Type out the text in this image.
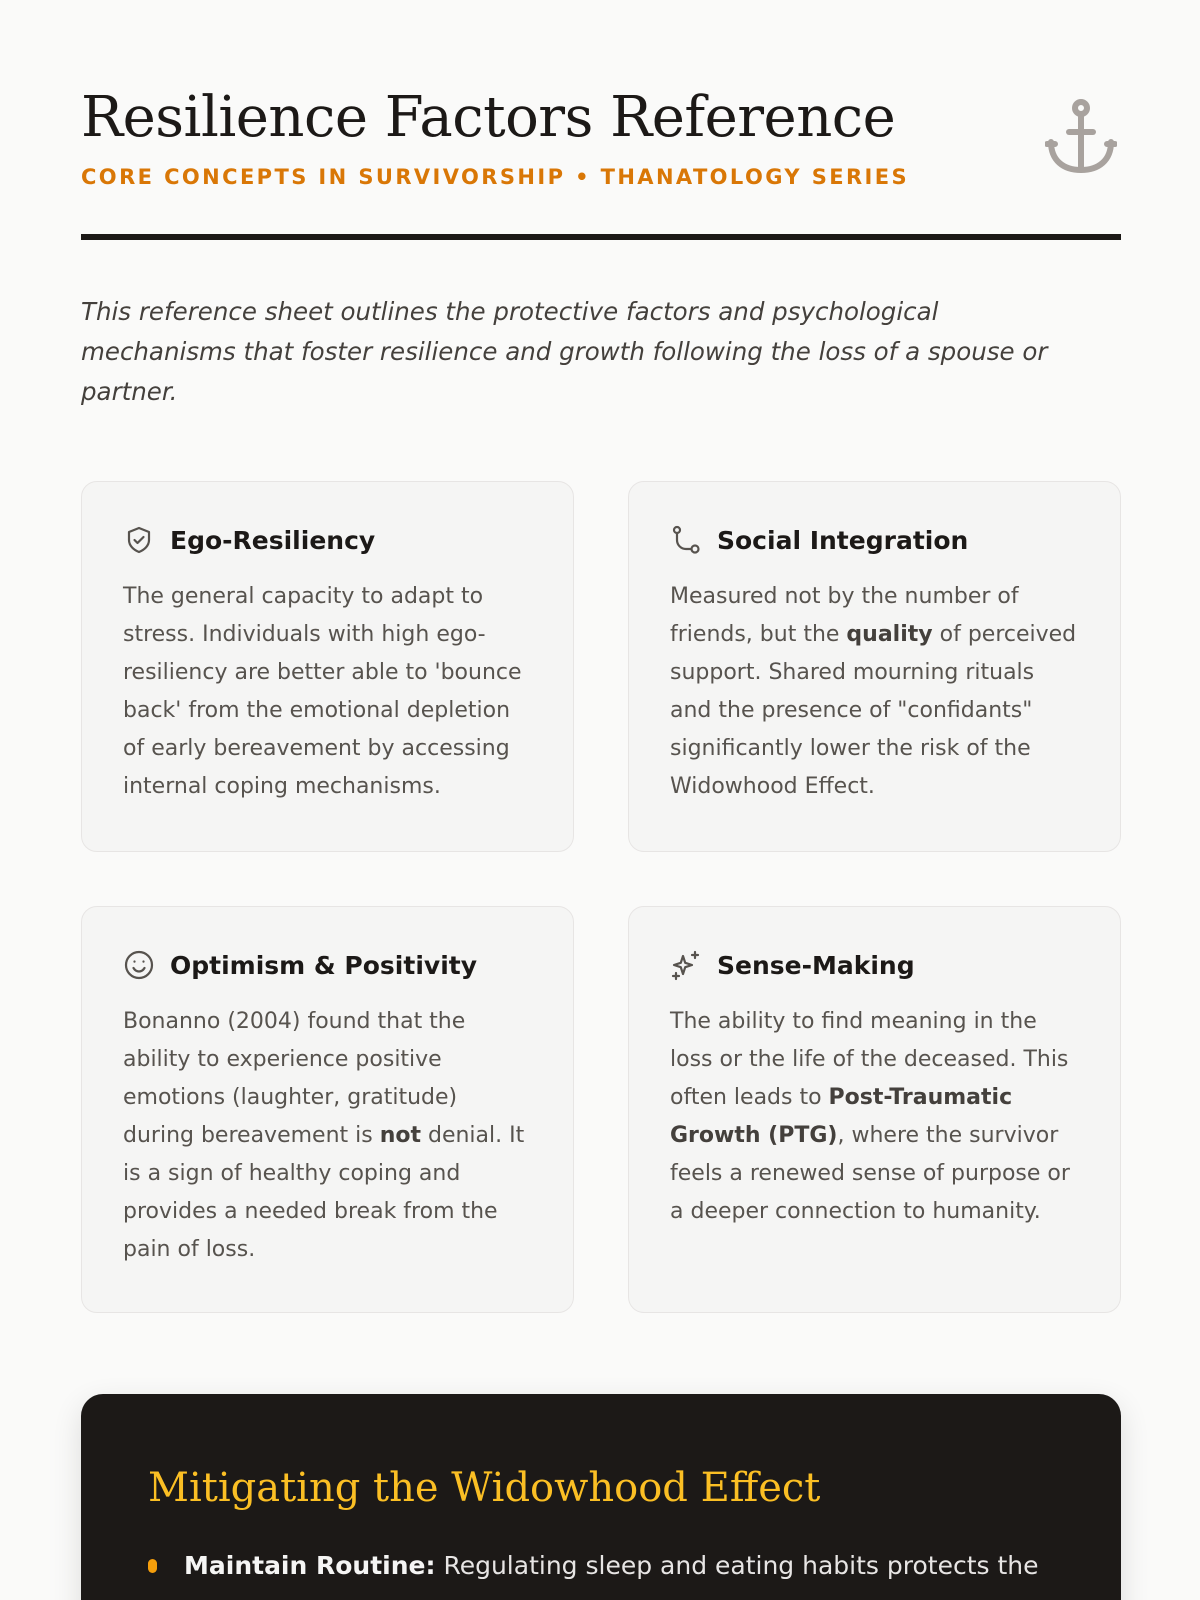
Resilience Factors Reference
CORE CONCEPTS IN SURVIVORSHIP • THANATOLOGY SERIES

This reference sheet outlines the protective factors and psychological mechanisms that foster resilience and growth following the loss of a spouse or partner.

Ego-Resiliency

The general capacity to adapt to stress. Individuals with high ego-resiliency are better able to 'bounce back' from the emotional depletion of early bereavement by accessing internal coping mechanisms.

Social Integration

Measured not by the number of friends, but the quality of perceived support. Shared mourning rituals and the presence of "confidants" significantly lower the risk of the Widowhood Effect.

Optimism & Positivity

Bonanno (2004) found that the ability to experience positive emotions (laughter, gratitude) during bereavement is not denial. It is a sign of healthy coping and provides a needed break from the pain of loss.

Sense-Making

The ability to find meaning in the loss or the life of the deceased. This often leads to Post-Traumatic Growth (PTG), where the survivor feels a renewed sense of purpose or a deeper connection to humanity.

Mitigating the Widowhood Effect
Maintain Routine: Regulating sleep and eating habits protects the
